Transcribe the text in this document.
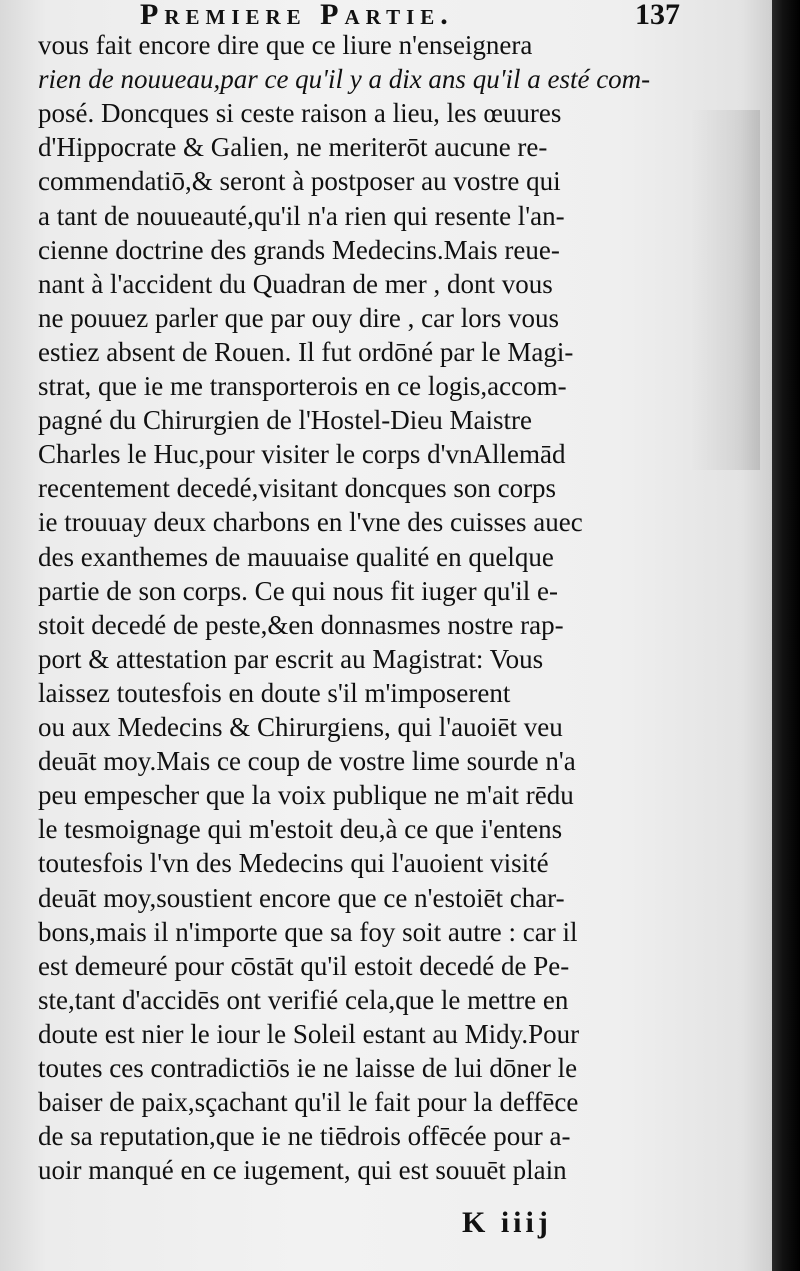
Premiere Partie.	137
vous fait encore dire que ce liure n'enseignera
rien de nouueau,par ce qu'il y a dix ans qu'il a esté com-
posé. Doncques si ceste raison a lieu, les œuures
d'Hippocrate & Galien, ne meriterōt aucune re-
commendatiō,& seront à postposer au vostre qui
a tant de nouueauté,qu'il n'a rien qui resente l'an-
cienne doctrine des grands Medecins.Mais reue-
nant à l'accident du Quadran de mer , dont vous
ne pouuez parler que par ouy dire , car lors vous
estiez absent de Rouen. Il fut ordōné par le Magi-
strat, que ie me transporterois en ce logis,accom-
pagné du Chirurgien de l'Hostel-Dieu Maistre
Charles le Huc,pour visiter le corps d'vnAllemād
recentement decedé,visitant doncques son corps
ie trouuay deux charbons en l'vne des cuisses auec
des exanthemes de mauuaise qualité en quelque
partie de son corps. Ce qui nous fit iuger qu'il e-
stoit decedé de peste,&en donnasmes nostre rap-
port & attestation par escrit au Magistrat: Vous
laissez toutesfois en doute s'il m'imposerent
ou aux Medecins & Chirurgiens, qui l'auoiēt veu
deuāt moy.Mais ce coup de vostre lime sourde n'a
peu empescher que la voix publique ne m'ait rēdu
le tesmoignage qui m'estoit deu,à ce que i'entens
toutesfois l'vn des Medecins qui l'auoient visité
deuāt moy,soustient encore que ce n'estoiēt char-
bons,mais il n'importe que sa foy soit autre : car il
est demeuré pour cōstāt qu'il estoit decedé de Pe-
ste,tant d'accidēs ont verifié cela,que le mettre en
doute est nier le iour le Soleil estant au Midy.Pour
toutes ces contradictiōs ie ne laisse de lui dōner le
baiser de paix,sçachant qu'il le fait pour la deffēce
de sa reputation,que ie ne tiēdrois offēcée pour a-
uoir manqué en ce iugement, qui est souuēt plain
K iiij
